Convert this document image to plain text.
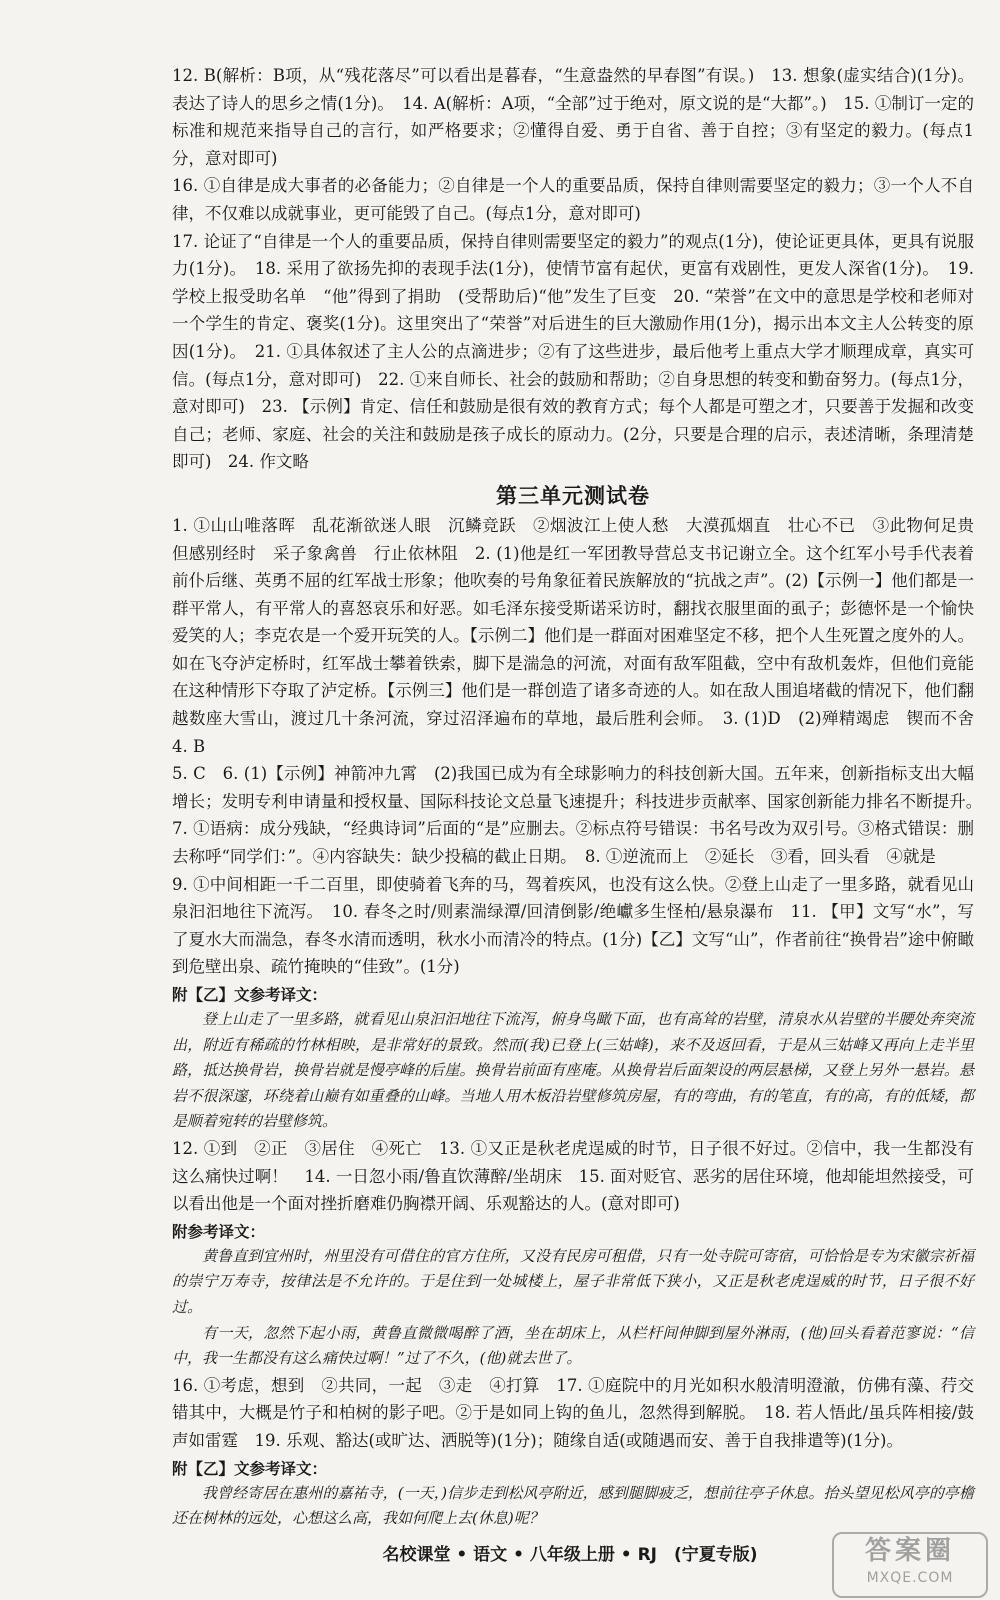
12. B(解析：B项，从“残花落尽”可以看出是暮春，“生意盎然的早春图”有误。)　13. 想象(虚实结合)(1分)。表达了诗人的思乡之情(1分)。　14. A(解析：A项，“全部”过于绝对，原文说的是“大都”。)　15. ①制订一定的标准和规范来指导自己的言行，如严格要求；②懂得自爱、勇于自省、善于自控；③有坚定的毅力。(每点1分，意对即可)

16. ①自律是成大事者的必备能力；②自律是一个人的重要品质，保持自律则需要坚定的毅力；③一个人不自律，不仅难以成就事业，更可能毁了自己。(每点1分，意对即可)

17. 论证了“自律是一个人的重要品质，保持自律则需要坚定的毅力”的观点(1分)，使论证更具体，更具有说服力(1分)。　18. 采用了欲扬先抑的表现手法(1分)，使情节富有起伏，更富有戏剧性，更发人深省(1分)。　19. 学校上报受助名单　“他”得到了捐助　(受帮助后)“他”发生了巨变　20. “荣誉”在文中的意思是学校和老师对一个学生的肯定、褒奖(1分)。这里突出了“荣誉”对后进生的巨大激励作用(1分)，揭示出本文主人公转变的原因(1分)。　21. ①具体叙述了主人公的点滴进步；②有了这些进步，最后他考上重点大学才顺理成章，真实可信。(每点1分，意对即可)　22. ①来自师长、社会的鼓励和帮助；②自身思想的转变和勤奋努力。(每点1分，意对即可)　23. 【示例】肯定、信任和鼓励是很有效的教育方式；每个人都是可塑之才，只要善于发掘和改变自己；老师、家庭、社会的关注和鼓励是孩子成长的原动力。(2分，只要是合理的启示，表述清晰，条理清楚即可)　24. 作文略

第三单元测试卷

1. ①山山唯落晖　乱花渐欲迷人眼　沉鳞竞跃　②烟波江上使人愁　大漠孤烟直　壮心不已　③此物何足贵　但感别经时　采子象禽兽　行止依林阻　2. (1)他是红一军团教导营总支书记谢立全。这个红军小号手代表着前仆后继、英勇不屈的红军战士形象；他吹奏的号角象征着民族解放的“抗战之声”。(2)【示例一】他们都是一群平常人，有平常人的喜怒哀乐和好恶。如毛泽东接受斯诺采访时，翻找衣服里面的虱子；彭德怀是一个愉快爱笑的人；李克农是一个爱开玩笑的人。【示例二】他们是一群面对困难坚定不移，把个人生死置之度外的人。如在飞夺泸定桥时，红军战士攀着铁索，脚下是湍急的河流，对面有敌军阻截，空中有敌机轰炸，但他们竟能在这种情形下夺取了泸定桥。【示例三】他们是一群创造了诸多奇迹的人。如在敌人围追堵截的情况下，他们翻越数座大雪山，渡过几十条河流，穿过沼泽遍布的草地，最后胜利会师。　3. (1)D　(2)殚精竭虑　锲而不舍　4. B

5. C　6. (1)【示例】神箭冲九霄　(2)我国已成为有全球影响力的科技创新大国。五年来，创新指标支出大幅增长；发明专利申请量和授权量、国际科技论文总量飞速提升；科技进步贡献率、国家创新能力排名不断提升。　7. ①语病：成分残缺，“经典诗词”后面的“是”应删去。②标点符号错误：书名号改为双引号。③格式错误：删去称呼“同学们：”。④内容缺失：缺少投稿的截止日期。　8. ①逆流而上　②延长　③看，回头看　④就是

9. ①中间相距一千二百里，即使骑着飞奔的马，驾着疾风，也没有这么快。②登上山走了一里多路，就看见山泉汩汩地往下流泻。　10. 春冬之时/则素湍绿潭/回清倒影/绝巘多生怪柏/悬泉瀑布　11. 【甲】文写“水”，写了夏水大而湍急，春冬水清而透明，秋水小而清冷的特点。(1分)【乙】文写“山”，作者前往“换骨岩”途中俯瞰到危壁出泉、疏竹掩映的“佳致”。(1分)

附【乙】文参考译文：

登上山走了一里多路，就看见山泉汩汩地往下流泻，俯身鸟瞰下面，也有高耸的岩壁，清泉水从岩壁的半腰处奔突流出，附近有稀疏的竹林相映，是非常好的景致。然而(我)已登上(三姑峰)，来不及返回看，于是从三姑峰又再向上走半里路，抵达换骨岩，换骨岩就是慢亭峰的后崖。换骨岩前面有座庵。从换骨岩后面架设的两层悬梯，又登上另外一悬岩。悬岩不很深邃，环绕着山巅有如重叠的山峰。当地人用木板沿岩壁修筑房屋，有的弯曲，有的笔直，有的高，有的低矮，都是顺着宛转的岩壁修筑。

12. ①到　②正　③居住　④死亡　13. ①又正是秋老虎逞威的时节，日子很不好过。②信中，我一生都没有这么痛快过啊！　14. 一日忽小雨/鲁直饮薄醉/坐胡床　15. 面对贬官、恶劣的居住环境，他却能坦然接受，可以看出他是一个面对挫折磨难仍胸襟开阔、乐观豁达的人。(意对即可)

附参考译文：

黄鲁直到宜州时，州里没有可借住的官方住所，又没有民房可租借，只有一处寺院可寄宿，可恰恰是专为宋徽宗祈福的崇宁万寿寺，按律法是不允许的。于是住到一处城楼上，屋子非常低下狭小，又正是秋老虎逞威的时节，日子很不好过。

有一天，忽然下起小雨，黄鲁直微微喝醉了酒，坐在胡床上，从栏杆间伸脚到屋外淋雨，(他)回头看着范寥说：“信中，我一生都没有这么痛快过啊！”过了不久，(他)就去世了。

16. ①考虑，想到　②共同，一起　③走　④打算　17. ①庭院中的月光如积水般清明澄澈，仿佛有藻、荇交错其中，大概是竹子和柏树的影子吧。②于是如同上钩的鱼儿，忽然得到解脱。　18. 若人悟此/虽兵阵相接/鼓声如雷霆　19. 乐观、豁达(或旷达、洒脱等)(1分)；随缘自适(或随遇而安、善于自我排遣等)(1分)。

附【乙】文参考译文：

我曾经寄居在惠州的嘉祐寺，(一天，)信步走到松风亭附近，感到腿脚疲乏，想前往亭子休息。抬头望见松风亭的亭檐还在树林的远处，心想这么高，我如何爬上去(休息)呢？

名校课堂 • 语文 • 八年级上册 • RJ　(宁夏专版)	答案圈
MXQE.COM
